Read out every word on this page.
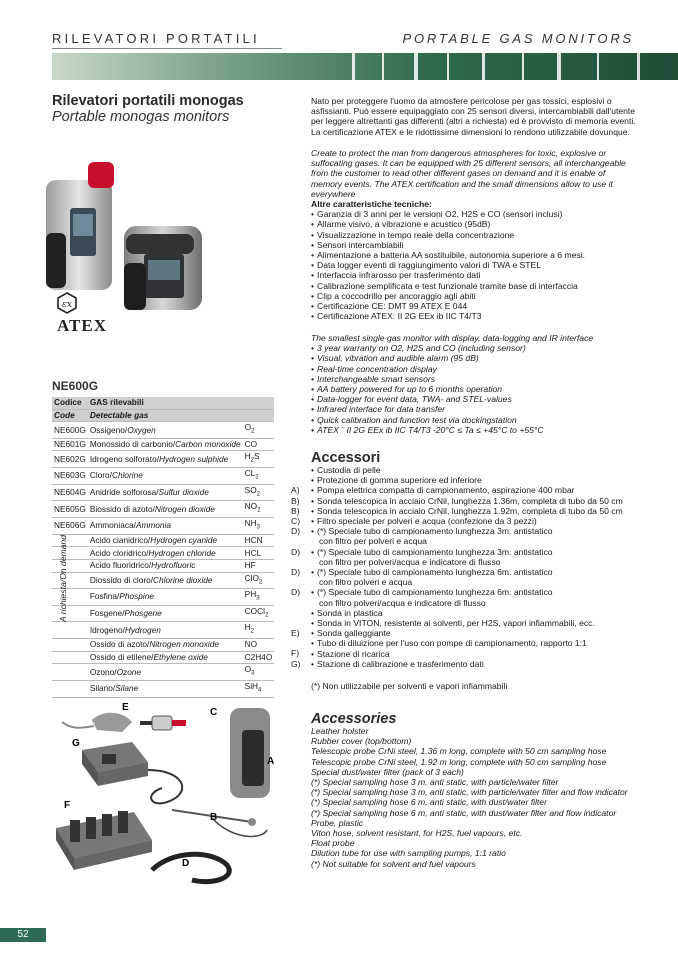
RILEVATORI PORTATILI	PORTABLE GAS MONITORS
Rilevatori portatili monogas
Portable monogas monitors
εx
ATEX
Nato per proteggere l'uomo da atmosfere pericolose per gas tossici, esplosivi o asfissianti. Può essere equipaggiato con 25 sensori diversi, intercambiabili dall'utente per leggere altrettanti gas differenti (altri a richiesta) ed è provvisto di memoria eventi. La certificazione ATEX e le ridottissime dimensioni lo rendono utilizzabile dovunque.
Create to protect the man from dangerous atmospheres for toxic, explosive or suffocating gases. It can be equipped with 25 different sensors, all interchangeable from the customer to read other different gases on demand and it is enable of memory events. The ATEX certification and the small dimensions allow to use it everywhere
Altre caratteristiche tecniche:
• Garanzia di 3 anni per le versioni O2, H2S e CO (sensori inclusi)
• Allarme visivo, a vibrazione e acustico (95dB)
• Visualizzazione in tempo reale della concentrazione
• Sensori intercambiabili
• Alimentazione a batteria AA sostituibile, autonomia superiore a 6 mesi.
• Data logger eventi di raggiungimento valori di TWA e STEL
• Interfaccia infrarosso per trasferimento dati
• Calibrazione semplificata e test funzionale tramite base di interfaccia
• Clip a coccodrillo per ancoraggio agli abiti
• Certificazione CE: DMT 99 ATEX E 044
• Certificazione ATEX: II 2G EEx ib IIC T4/T3
The smallest single gas monitor with display, data-logging and IR interface
• 3 year warranty on O2, H2S and CO (including sensor)
• Visual, vibration and audible alarm (95 dB)
• Real-time concentration display
• Interchangeable smart sensors
• AA battery powered for up to 6 months operation
• Data-logger for event data, TWA- and STEL-values
• Infrared interface for data transfer
• Quick calibration and function test via dockingstation
• ATEX ¨ II 2G EEx ib IIC T4/T3 -20°C ≤ Ta ≤ +45°C to +55°C
Accessori
A)
B)
B)
C)
D)
D)
D)
D)
E)
F)
G)
• Custodia di pelle
• Protezione di gomma superiore ed inferiore
• Pompa elettrica compatta di campionamento, aspirazione 400 mbar
• Sonda telescopica in acciaio CrNil, lunghezza 1.36m, completa di tubo da 50 cm
• Sonda telescopica in acciaio CrNil, lunghezza 1.92m, completa di tubo da 50 cm
• Filtro speciale per polveri e acqua (confezione da 3 pezzi)
• (*) Speciale tubo di campionamento lunghezza 3m. antistatico
con filtro per polveri e acqua
• (*) Speciale tubo di campionamento lunghezza 3m. antistatico
con filtro per polveri/acqua e indicatore di flusso
• (*) Speciale tubo di campionamento lunghezza 6m. antistatico
con filtro polveri e acqua
• (*) Speciale tubo di campionamento lunghezza 6m. antistatico
con filtro polveri/acqua e indicatore di flusso
• Sonda in plastica
• Sonda in VITON, resistente ai solventi, per H2S, vapori infiammabili, ecc.
• Sonda galleggiante
• Tubo di diluizione per l'uso con pompe di campionamento, rapporto 1:1
• Stazione di ricarica
• Stazione di calibrazione e trasferimento dati
(*) Non utilizzabile per solventi e vapori infiammabili
Accessories
Leather holster
Rubber cover (top/bottom)
Telescopic probe CrNi steel, 1.36 m long, complete with 50 cm sampling hose
Telescopic probe CrNi steel, 1.92 m long, complete with 50 cm sampling hose
Special dust/water filter (pack of 3 each)
(*) Special sampling hose 3 m, anti static, with particle/water filter
(*) Special sampling hose 3 m, anti static, with particle/water filter and flow indicator
(*) Special sampling hose 6 m, anti static, with dust/water filter
(*) Special sampling hose 6 m, anti static, with dust/water filter and flow indicator
Probe, plastic
Viton hose, solvent resistant, for H2S, fuel vapours, etc.
Float probe
Dilution tube for use with sampling pumps, 1:1 ratio
(*) Not suitable for solvent and fuel vapours
NE600G
Codice	GAS rilevabili	
Code	Detectable gas	
NE600G	Ossigeno/Oxygen	$O_2$
NE601G	Monossido di carbonio/Carbon monoxide	CO
NE602G	Idrogeno solforato/Hydrogen sulphide	$H_2S$
NE603G	Cloro/Chlorine	$CL_2$
NE604G	Anidride solforosa/Sulfur dioxide	$SO_2$
NE605G	Biossido di azoto/Nitrogen dioxide	$NO_2$
NE606G	Ammoniaca/Ammonia	$NH_3$
	Acido cianidrico/Hydrogen cyanide	HCN
	Acido cloridrico/Hydrogen chloride	HCL
	Acido fluoridrico/Hydrofluoric	HF
	Diossido di cloro/Chlorine dioxide	ClO$_2$
	Fosfina/Phospine	$PH_3$
	Fosgene/Phosgene	COCl$_2$
	Idrogeno/Hydrogen	$H_2$
	Ossido di azoto/Nitrogen monoxide	NO
	Ossido di etilene/Ethylene oxide	C2H4O
	Ozono/Ozone	$O_3$
	Silano/Silane	SiH$_4$
A richiesta/On demand
E	C
A
G
F
B
D
52
